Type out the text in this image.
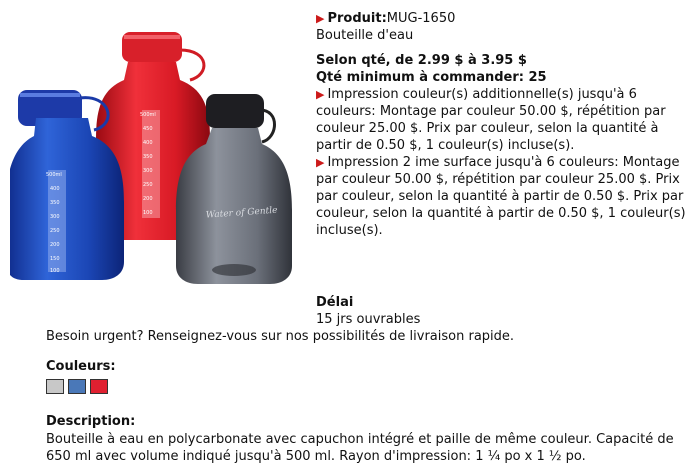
500ml
450
400
350
300
250
200
100	Water of Gentle
500ml
400
350
300
250
200
150
100
▶ Produit:MUG-1650
Bouteille d'eau
Selon qté, de 2.99 $ à 3.95 $
Qté minimum à commander: 25
▶ Impression couleur(s) additionnelle(s) jusqu'à 6 couleurs: Montage par couleur 50.00 $, répétition par couleur 25.00 $. Prix par couleur, selon la quantité à partir de 0.50 $, 1 couleur(s) incluse(s).
▶ Impression 2 ime surface jusqu'à 6 couleurs: Montage par couleur 50.00 $, répétition par couleur 25.00 $. Prix par couleur, selon la quantité à partir de 0.50 $. Prix par couleur, selon la quantité à partir de 0.50 $, 1 couleur(s) incluse(s).
Délai
15 jrs ouvrables
Besoin urgent? Renseignez-vous sur nos possibilités de livraison rapide.
Couleurs:
Description:
Bouteille à eau en polycarbonate avec capuchon intégré et paille de même couleur. Capacité de 650 ml avec volume indiqué jusqu'à 500 ml. Rayon d'impression: 1 ¼ po x 1 ½ po.
